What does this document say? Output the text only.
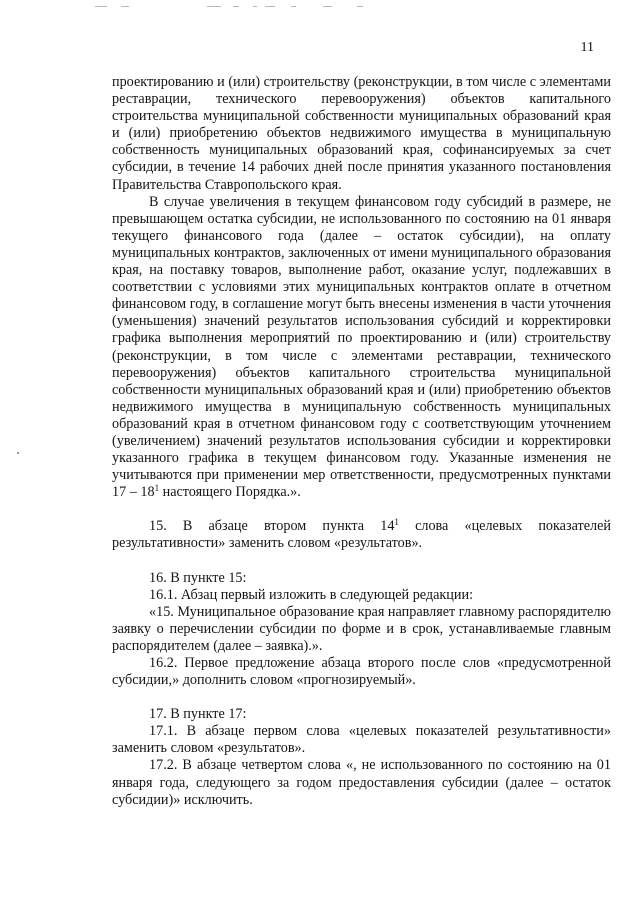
11

проектированию и (или) строительству (реконструкции, в том числе с элементами реставрации, технического перевооружения) объектов капитального строительства муниципальной собственности муниципальных образований края и (или) приобретению объектов недвижимого имущества в муниципальную собственность муниципальных образований края, софинансируемых за счет субсидии, в течение 14 рабочих дней после принятия указанного постановления Правительства Ставропольского края.

В случае увеличения в текущем финансовом году субсидий в размере, не превышающем остатка субсидии, не использованного по состоянию на 01 января текущего финансового года (далее – остаток субсидии), на оплату муниципальных контрактов, заключенных от имени муниципального образования края, на поставку товаров, выполнение работ, оказание услуг, подлежавших в соответствии с условиями этих муниципальных контрактов оплате в отчетном финансовом году, в соглашение могут быть внесены изменения в части уточнения (уменьшения) значений результатов использования субсидий и корректировки графика выполнения мероприятий по проектированию и (или) строительству (реконструкции, в том числе с элементами реставрации, технического перевооружения) объектов капитального строительства муниципальной собственности муниципальных образований края и (или) приобретению объектов недвижимого имущества в муниципальную собственность муниципальных образований края в отчетном финансовом году с соответствующим уточнением (увеличением) значений результатов использования субсидии и корректировки указанного графика в текущем финансовом году. Указанные изменения не учитываются при применении мер ответственности, предусмотренных пунктами $17 - 18^1$ настоящего Порядка.».

15. В абзаце втором пункта $14^1$ слова «целевых показателей результативности» заменить словом «результатов».

16. В пункте 15:

16.1. Абзац первый изложить в следующей редакции:

«15. Муниципальное образование края направляет главному распорядителю заявку о перечислении субсидии по форме и в срок, устанавливаемые главным распорядителем (далее – заявка).».

16.2. Первое предложение абзаца второго после слов «предусмотренной субсидии,» дополнить словом «прогнозируемый».

17. В пункте 17:

17.1. В абзаце первом слова «целевых показателей результативности» заменить словом «результатов».

17.2. В абзаце четвертом слова «, не использованного по состоянию на 01 января года, следующего за годом предоставления субсидии (далее – остаток субсидии)» исключить.
